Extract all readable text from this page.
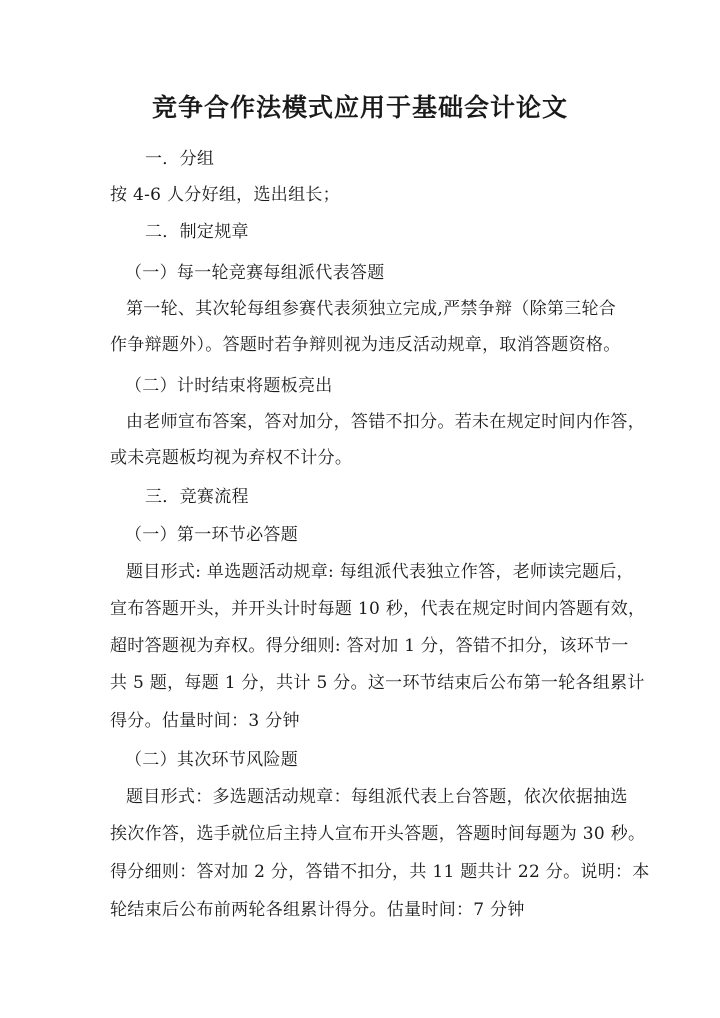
竞争合作法模式应用于基础会计论文
一．分组
按 4-6 人分好组，选出组长；
二．制定规章
（一）每一轮竞赛每组派代表答题
第一轮、其次轮每组参赛代表须独立完成,严禁争辩（除第三轮合
作争辩题外）。答题时若争辩则视为违反活动规章，取消答题资格。
（二）计时结束将题板亮出
由老师宣布答案，答对加分，答错不扣分。若未在规定时间内作答，
或未亮题板均视为弃权不计分。
三．竞赛流程
（一）第一环节必答题
题目形式: 单选题活动规章: 每组派代表独立作答，老师读完题后，
宣布答题开头，并开头计时每题 10 秒，代表在规定时间内答题有效，
超时答题视为弃权。得分细则: 答对加 1 分，答错不扣分，该环节一
共 5 题，每题 1 分，共计 5 分。这一环节结束后公布第一轮各组累计
得分。估量时间：3 分钟
（二）其次环节风险题
题目形式：多选题活动规章：每组派代表上台答题，依次依据抽选
挨次作答，选手就位后主持人宣布开头答题，答题时间每题为 30 秒。
得分细则：答对加 2 分，答错不扣分，共 11 题共计 22 分。说明：本
轮结束后公布前两轮各组累计得分。估量时间：7 分钟
